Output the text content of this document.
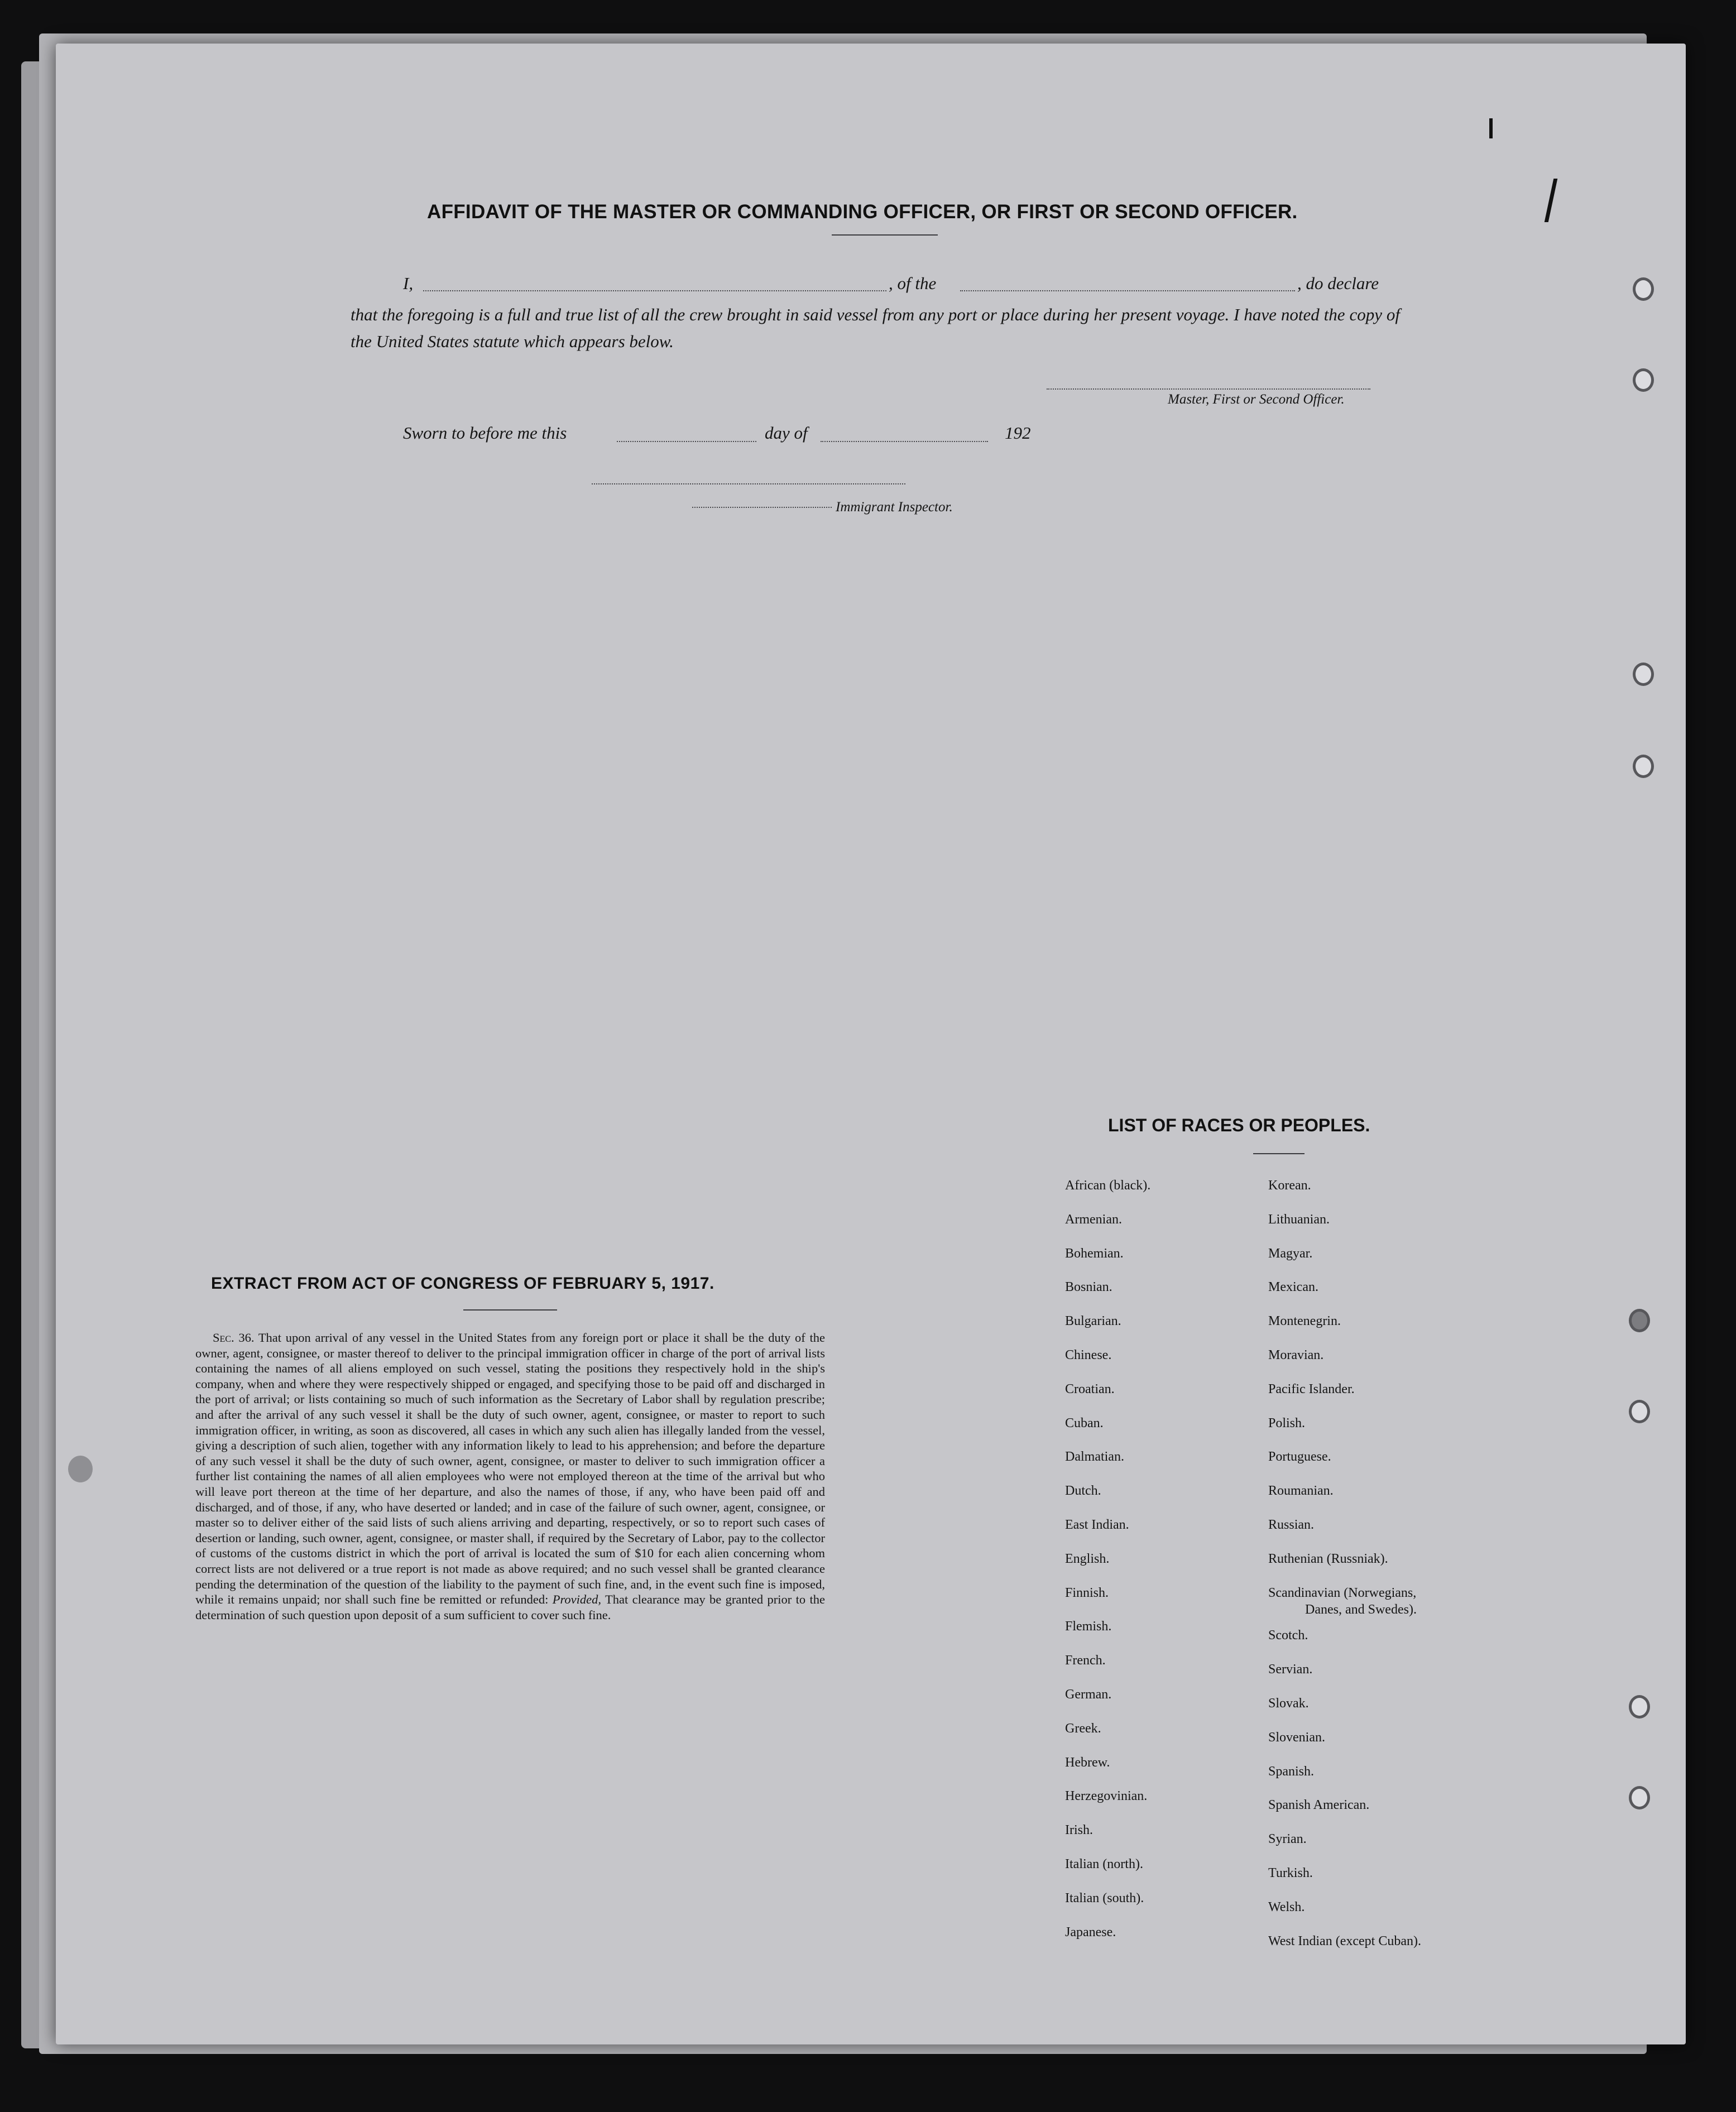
AFFIDAVIT OF THE MASTER OR COMMANDING OFFICER, OR FIRST OR SECOND OFFICER.
I,	, of the	, do declare
that the foregoing is a full and true list of all the crew brought in said vessel from any port or place during her present voyage. I have noted the copy of the United States statute which appears below.
Master, First or Second Officer.
Sworn to before me this	day of	192
Immigrant Inspector.
EXTRACT FROM ACT OF CONGRESS OF FEBRUARY 5, 1917.
Sec. 36. That upon arrival of any vessel in the United States from any foreign port or place it shall be the duty of the owner, agent, consignee, or master thereof to deliver to the principal immigration officer in charge of the port of arrival lists containing the names of all aliens employed on such vessel, stating the positions they respectively hold in the ship's company, when and where they were respectively shipped or engaged, and specifying those to be paid off and discharged in the port of arrival; or lists containing so much of such information as the Secretary of Labor shall by regulation prescribe; and after the arrival of any such vessel it shall be the duty of such owner, agent, consignee, or master to report to such immigration officer, in writing, as soon as discovered, all cases in which any such alien has illegally landed from the vessel, giving a description of such alien, together with any information likely to lead to his apprehension; and before the departure of any such vessel it shall be the duty of such owner, agent, consignee, or master to deliver to such immigration officer a further list containing the names of all alien employees who were not employed thereon at the time of the arrival but who will leave port thereon at the time of her departure, and also the names of those, if any, who have been paid off and discharged, and of those, if any, who have deserted or landed; and in case of the failure of such owner, agent, consignee, or master so to deliver either of the said lists of such aliens arriving and departing, respectively, or so to report such cases of desertion or landing, such owner, agent, consignee, or master shall, if required by the Secretary of Labor, pay to the collector of customs of the customs district in which the port of arrival is located the sum of $10 for each alien concerning whom correct lists are not delivered or a true report is not made as above required; and no such vessel shall be granted clearance pending the determination of the question of the liability to the payment of such fine, and, in the event such fine is imposed, while it remains unpaid; nor shall such fine be remitted or refunded: Provided, That clearance may be granted prior to the determination of such question upon deposit of a sum sufficient to cover such fine.
LIST OF RACES OR PEOPLES.
African (black).
Armenian.
Bohemian.
Bosnian.
Bulgarian.
Chinese.
Croatian.
Cuban.
Dalmatian.
Dutch.
East Indian.
English.
Finnish.
Flemish.
French.
German.
Greek.
Hebrew.
Herzegovinian.
Irish.
Italian (north).
Italian (south).
Japanese.
Korean.
Lithuanian.
Magyar.
Mexican.
Montenegrin.
Moravian.
Pacific Islander.
Polish.
Portuguese.
Roumanian.
Russian.
Ruthenian (Russniak).
Scandinavian (Norwegians,
Scotch.
Servian.
Slovak.
Slovenian.
Spanish.
Spanish American.
Syrian.
Turkish.
Welsh.
West Indian (except Cuban).
Danes, and Swedes).
